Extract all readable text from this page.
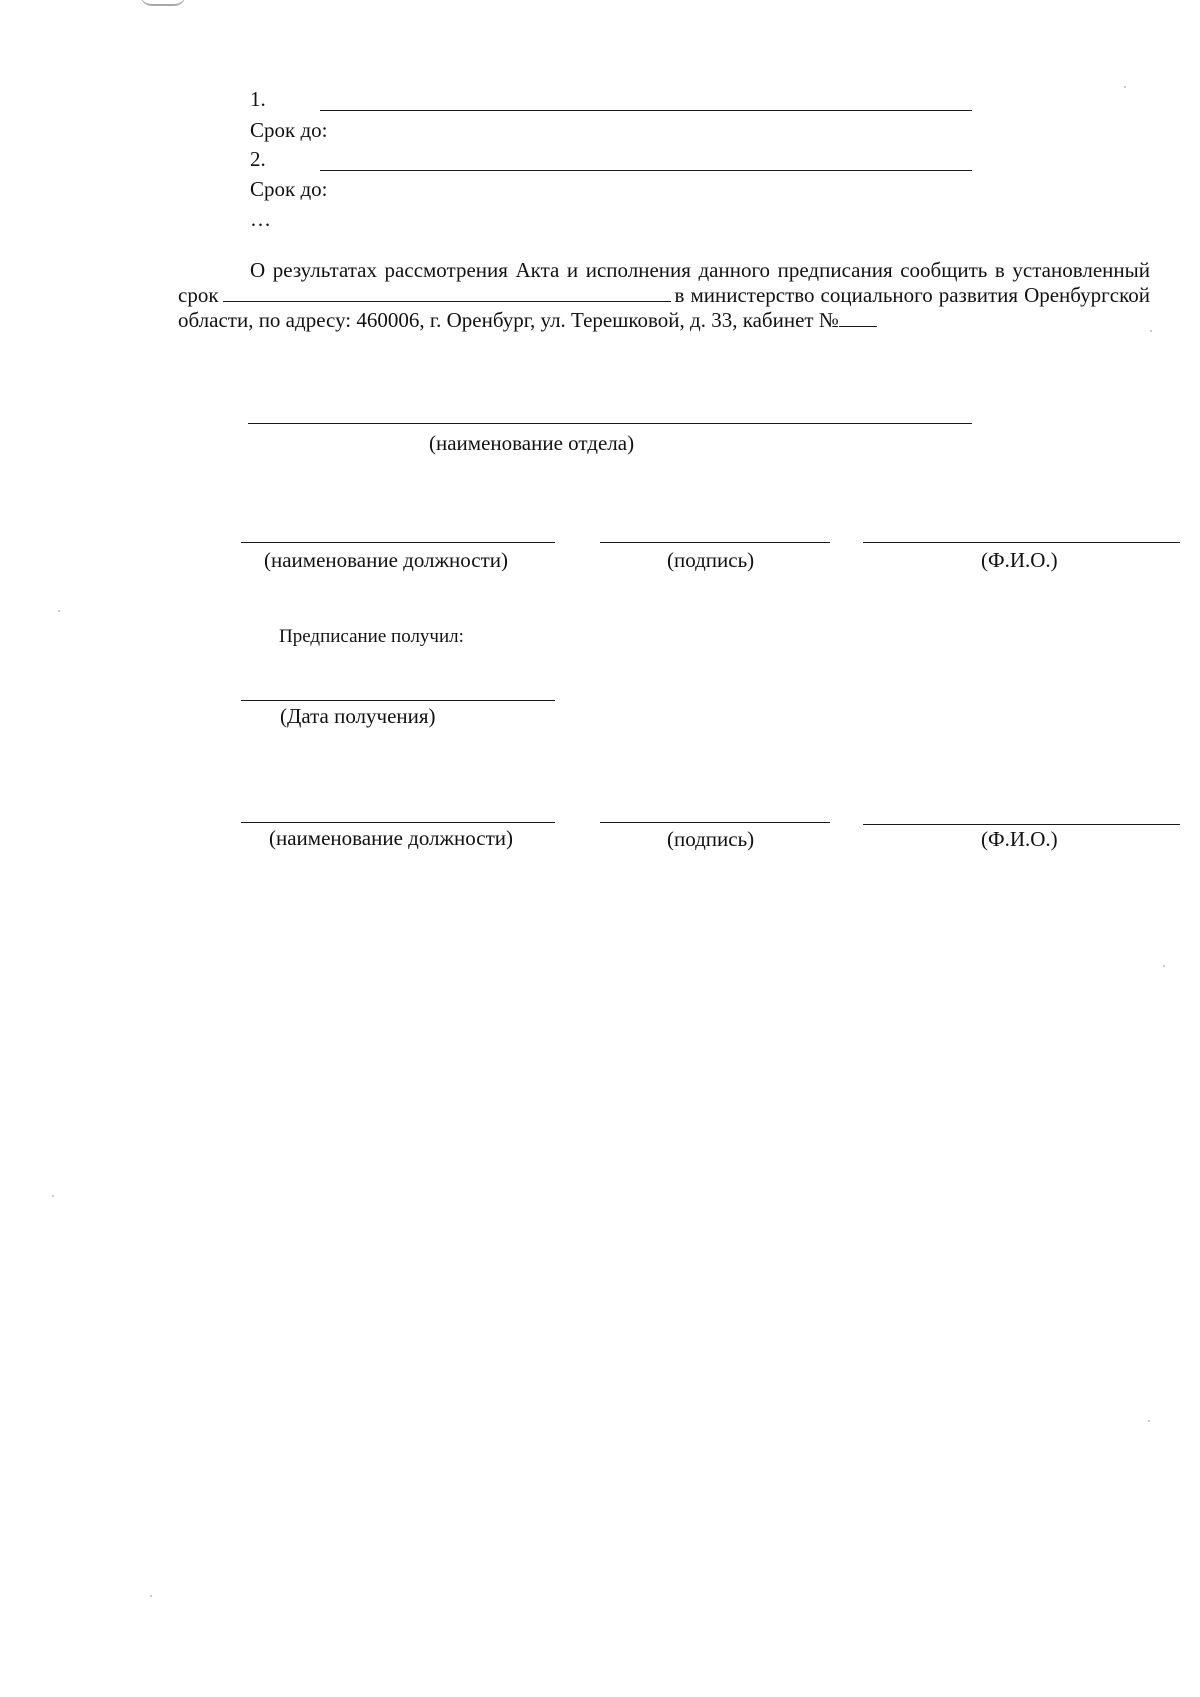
1.
Срок до:
2.
Срок до:
…
О результатах рассмотрения Акта и исполнения данного предписания сообщить в установленный срок	в министерство социального развития Оренбургской области, по адресу: 460006, г. Оренбург, ул. Терешковой, д. 33, кабинет №
(наименование отдела)
(наименование должности)	(подпись)	(Ф.И.О.)
Предписание получил:
(Дата получения)
(наименование должности)	(подпись)	(Ф.И.О.)
